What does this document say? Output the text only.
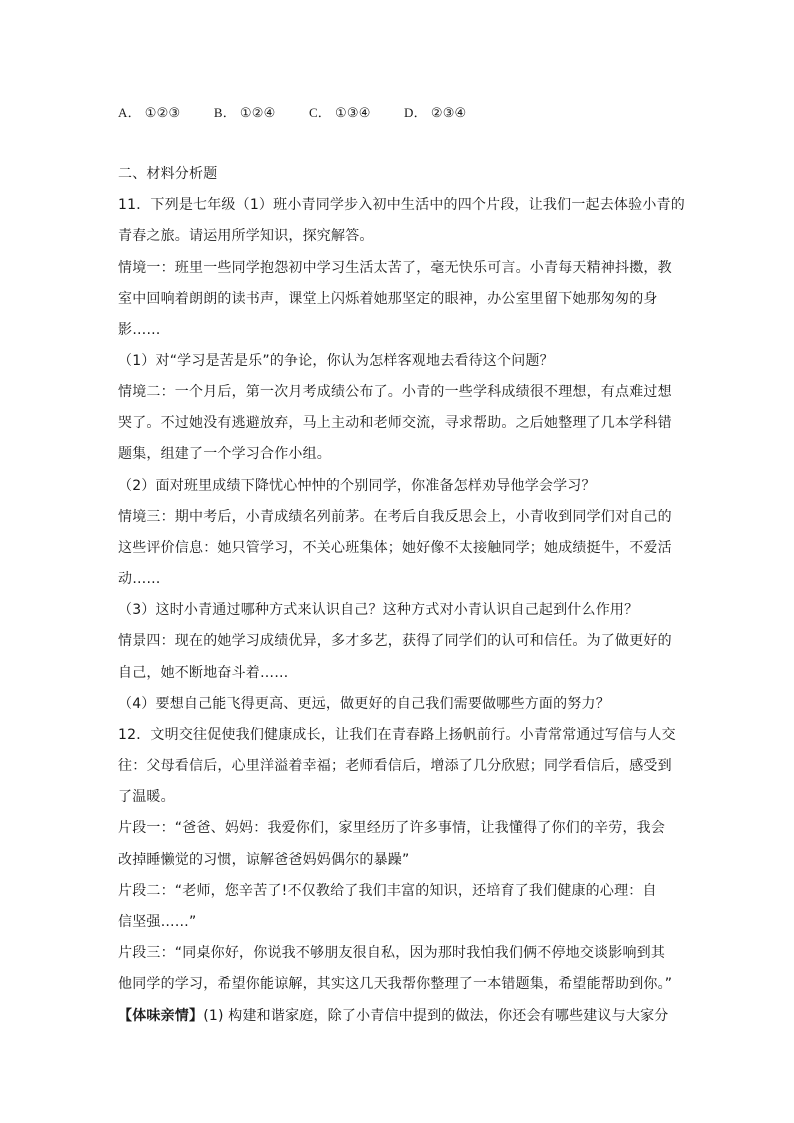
A． ①②③	B． ①②④	C． ①③④	D． ②③④
二、材料分析题
11．下列是七年级（1）班小青同学步入初中生活中的四个片段，让我们一起去体验小青的
青春之旅。请运用所学知识，探究解答。
情境一：班里一些同学抱怨初中学习生活太苦了，毫无快乐可言。小青每天精神抖擞，教
室中回响着朗朗的读书声，课堂上闪烁着她那坚定的眼神，办公室里留下她那匆匆的身
影……
（1）对“学习是苦是乐”的争论，你认为怎样客观地去看待这个问题？
情境二：一个月后，第一次月考成绩公布了。小青的一些学科成绩很不理想，有点难过想
哭了。不过她没有逃避放弃，马上主动和老师交流，寻求帮助。之后她整理了几本学科错
题集，组建了一个学习合作小组。
（2）面对班里成绩下降忧心忡忡的个别同学，你准备怎样劝导他学会学习？
情境三：期中考后，小青成绩名列前茅。在考后自我反思会上，小青收到同学们对自己的
这些评价信息：她只管学习，不关心班集体；她好像不太接触同学；她成绩挺牛，不爱活
动……
（3）这时小青通过哪种方式来认识自己？这种方式对小青认识自己起到什么作用？
情景四：现在的她学习成绩优异，多才多艺，获得了同学们的认可和信任。为了做更好的
自己，她不断地奋斗着……
（4）要想自己能飞得更高、更远，做更好的自己我们需要做哪些方面的努力？
12．文明交往促使我们健康成长，让我们在青春路上扬帆前行。小青常常通过写信与人交
往：父母看信后，心里洋溢着幸福；老师看信后，增添了几分欣慰；同学看信后，感受到
了温暖。
片段一：“爸爸、妈妈：我爱你们，家里经历了许多事情，让我懂得了你们的辛劳，我会
改掉睡懒觉的习惯，谅解爸爸妈妈偶尔的暴躁”
片段二：“老师，您辛苦了!不仅教给了我们丰富的知识，还培育了我们健康的心理：自
信坚强……”
片段三：“同桌你好，你说我不够朋友很自私，因为那时我怕我们俩不停地交谈影响到其
他同学的学习，希望你能谅解，其实这几天我帮你整理了一本错题集，希望能帮助到你。”
【体味亲情】(1) 构建和谐家庭，除了小青信中提到的做法，你还会有哪些建议与大家分
